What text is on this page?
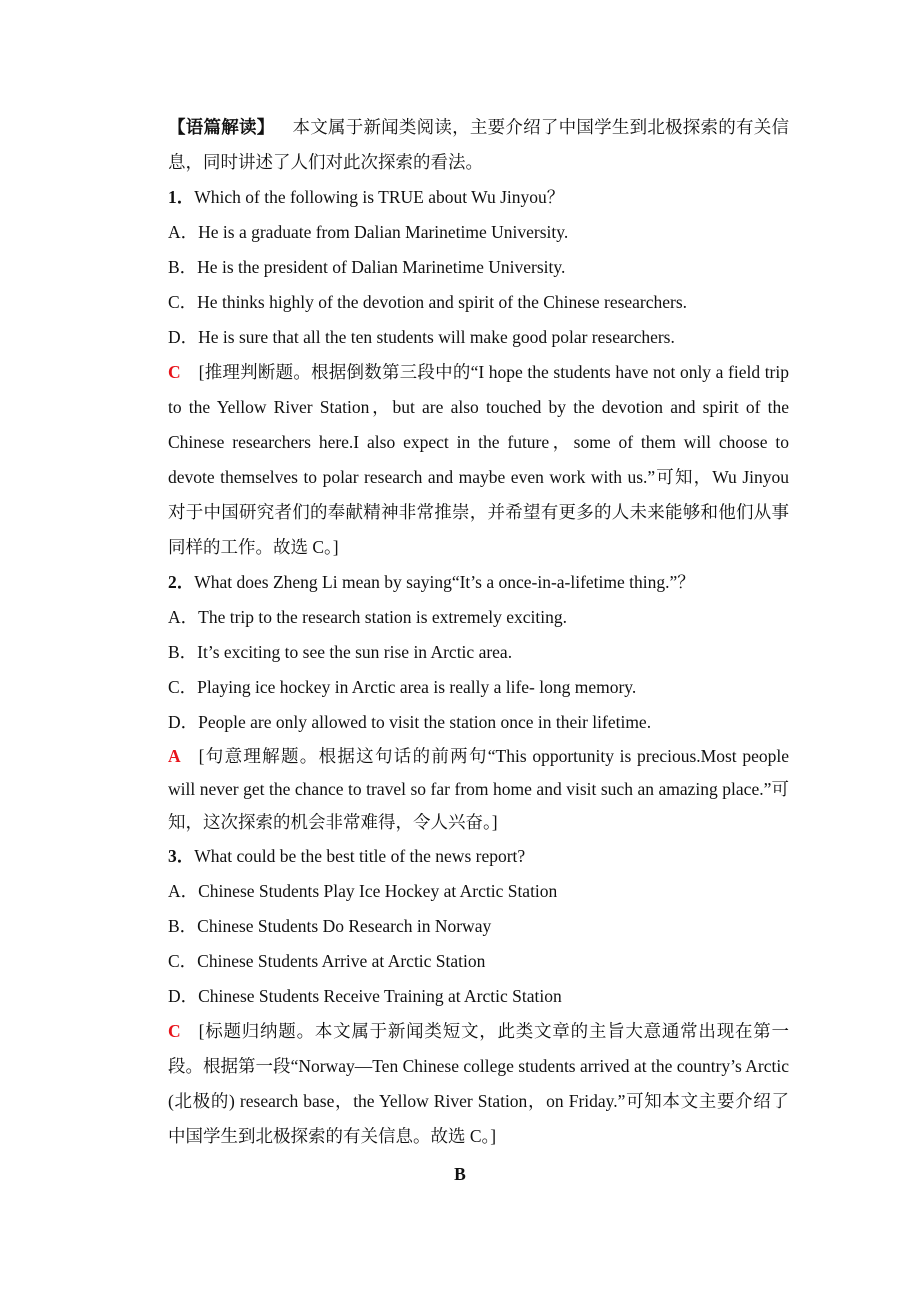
【语篇解读】 本文属于新闻类阅读，主要介绍了中国学生到北极探索的有关信息，同时讲述了人们对此次探索的看法。
1．Which of the following is TRUE about Wu Jinyou？
A．He is a graduate from Dalian Marinetime University.
B．He is the president of Dalian Marinetime University.
C．He thinks highly of the devotion and spirit of the Chinese researchers.
D．He is sure that all the ten students will make good polar researchers.
C [推理判断题。根据倒数第三段中的“I hope the students have not only a field trip to the Yellow River Station，but are also touched by the devotion and spirit of the Chinese researchers here.I also expect in the future，some of them will choose to devote themselves to polar research and maybe even work with us.”可知，Wu Jinyou 对于中国研究者们的奉献精神非常推崇，并希望有更多的人未来能够和他们从事同样的工作。故选 C。]
2．What does Zheng Li mean by saying“It’s a once-in-a-lifetime thing.”？
A．The trip to the research station is extremely exciting.
B．It’s exciting to see the sun rise in Arctic area.
C．Playing ice hockey in Arctic area is really a life- long memory.
D．People are only allowed to visit the station once in their lifetime.
A [句意理解题。根据这句话的前两句“This opportunity is precious.Most people will never get the chance to travel so far from home and visit such an amazing place.”可知，这次探索的机会非常难得，令人兴奋。]
3．What could be the best title of the news report?
A．Chinese Students Play Ice Hockey at Arctic Station
B．Chinese Students Do Research in Norway
C．Chinese Students Arrive at Arctic Station
D．Chinese Students Receive Training at Arctic Station
C [标题归纳题。本文属于新闻类短文，此类文章的主旨大意通常出现在第一段。根据第一段“Norway—Ten Chinese college students arrived at the country’s Arctic (北极的) research base，the Yellow River Station，on Friday.”可知本文主要介绍了中国学生到北极探索的有关信息。故选 C。]
B
